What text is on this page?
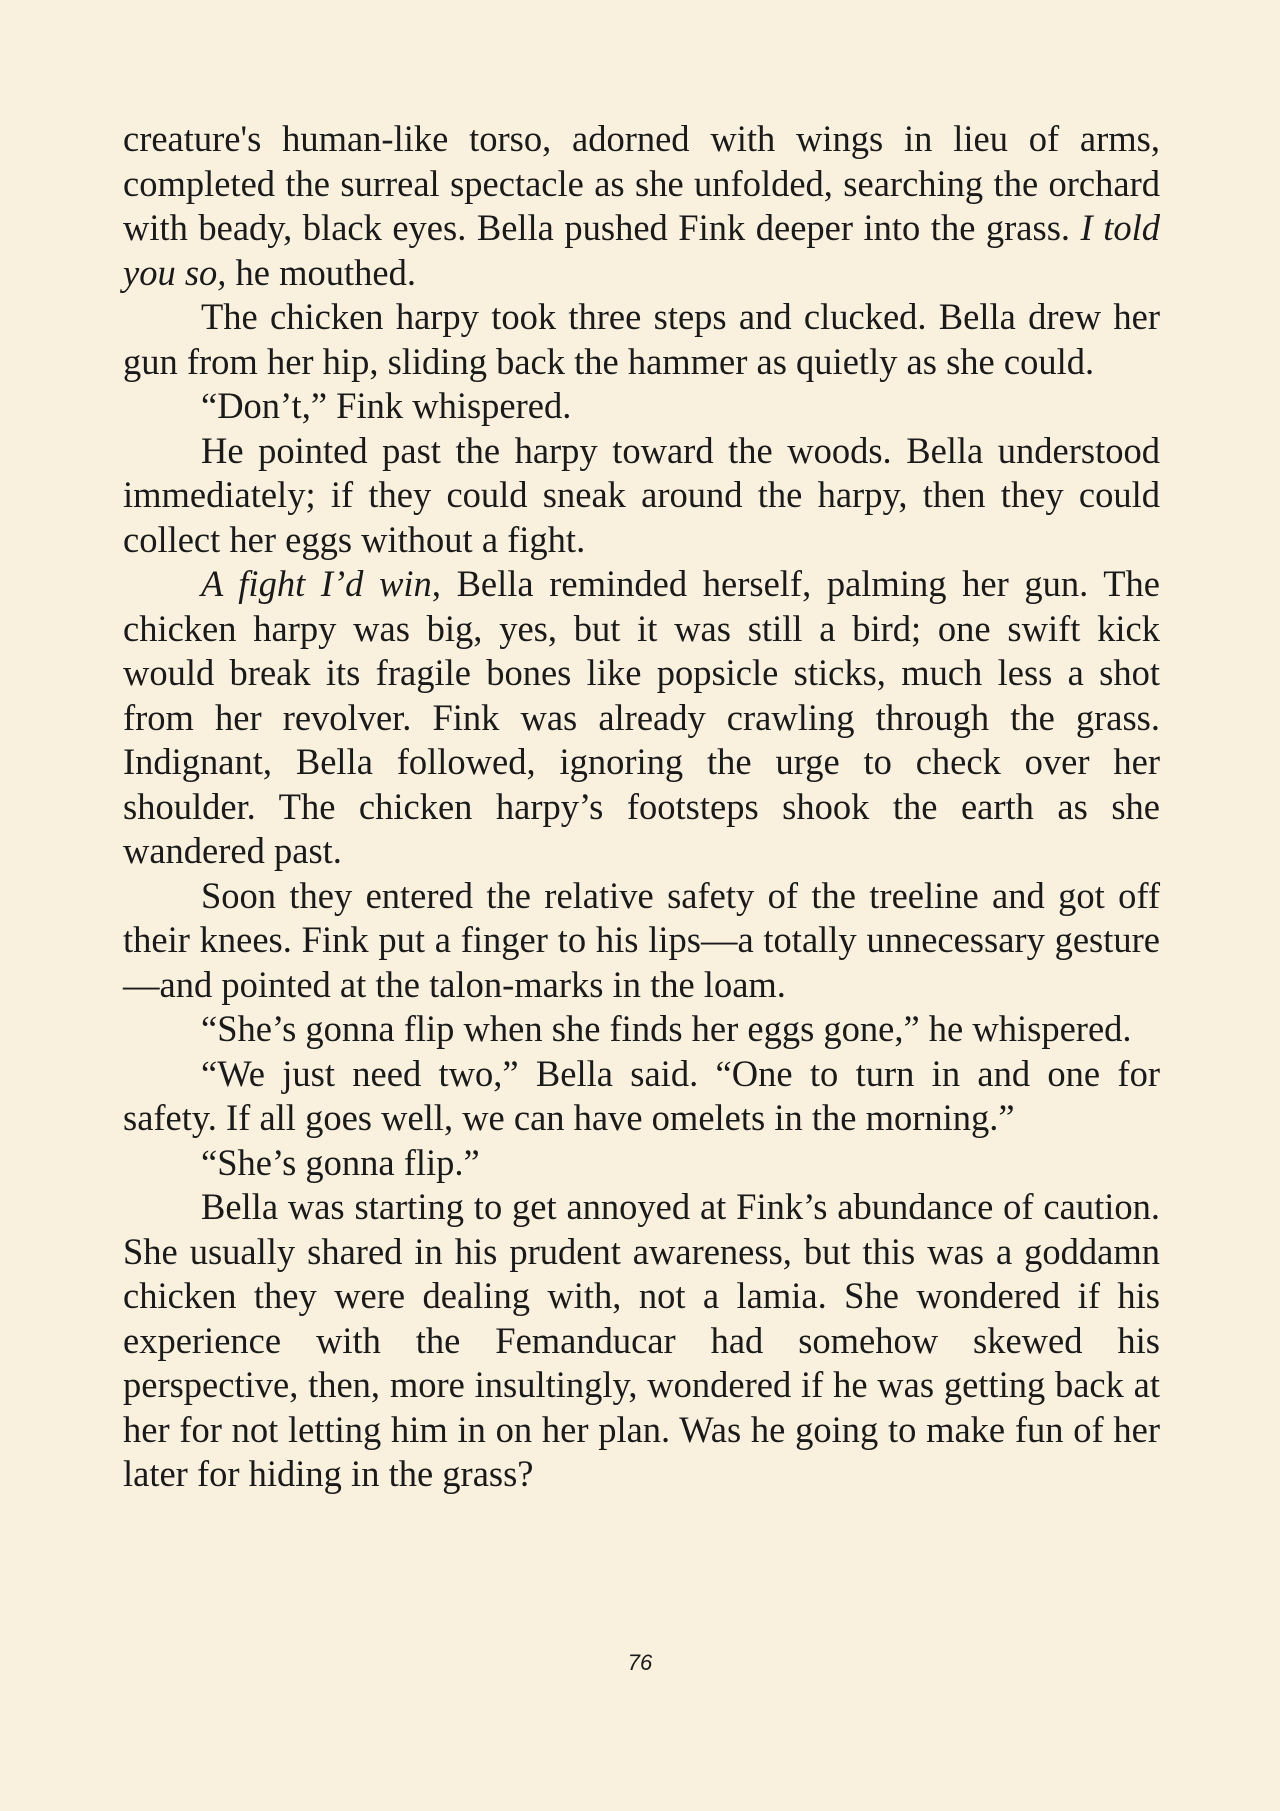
creature's human-like torso, adorned with wings in lieu of arms, completed the surreal spectacle as she unfolded, searching the orchard with beady, black eyes. Bella pushed Fink deeper into the grass. I told you so, he mouthed.

The chicken harpy took three steps and clucked. Bella drew her gun from her hip, sliding back the hammer as quietly as she could.

“Don’t,” Fink whispered.

He pointed past the harpy toward the woods. Bella understood immediately; if they could sneak around the harpy, then they could collect her eggs without a fight.

A fight I’d win, Bella reminded herself, palming her gun. The chicken harpy was big, yes, but it was still a bird; one swift kick would break its fragile bones like popsicle sticks, much less a shot from her revolver. Fink was already crawling through the grass. Indignant, Bella followed, ignoring the urge to check over her shoulder. The chicken harpy’s footsteps shook the earth as she wandered past.

Soon they entered the relative safety of the treeline and got off their knees. Fink put a finger to his lips—a totally unnecessary gesture—and pointed at the talon-marks in the loam.

“She’s gonna flip when she finds her eggs gone,” he whispered.

“We just need two,” Bella said. “One to turn in and one for safety. If all goes well, we can have omelets in the morning.”

“She’s gonna flip.”

Bella was starting to get annoyed at Fink’s abundance of caution. She usually shared in his prudent awareness, but this was a goddamn chicken they were dealing with, not a lamia. She wondered if his experience with the Femanducar had somehow skewed his perspective, then, more insultingly, wondered if he was getting back at her for not letting him in on her plan. Was he going to make fun of her later for hiding in the grass?

76
